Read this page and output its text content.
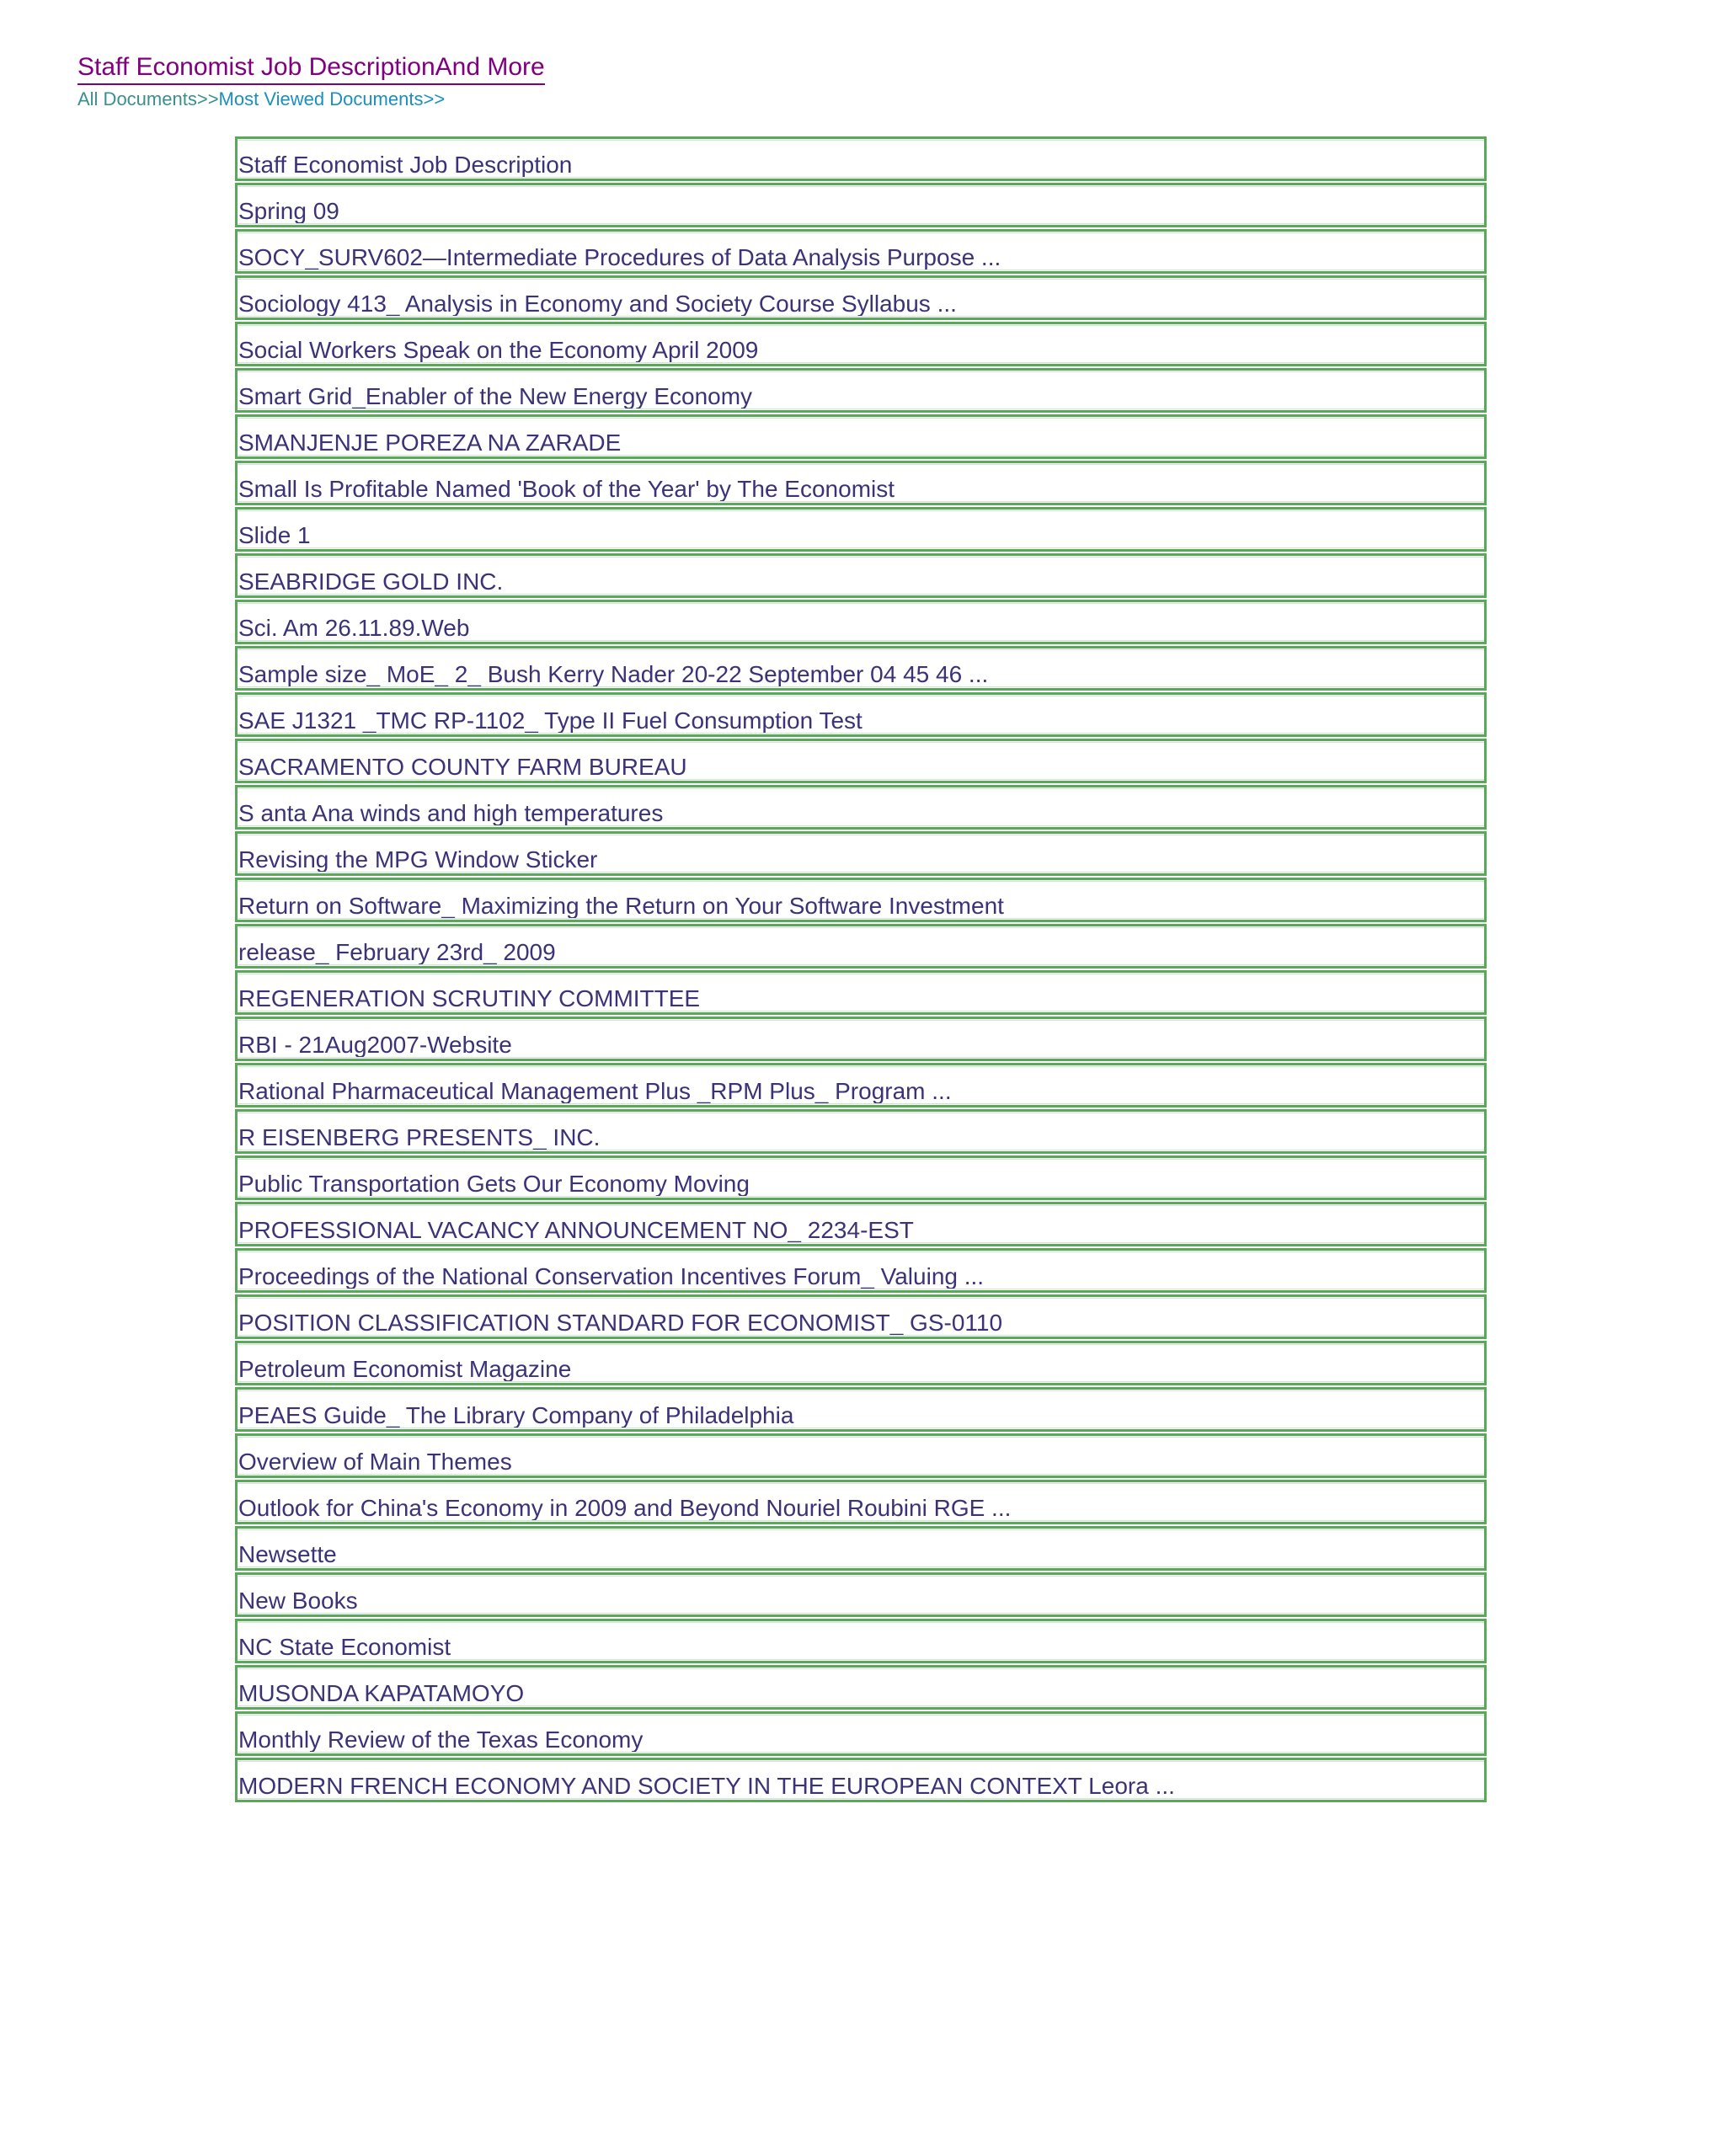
Staff Economist Job DescriptionAnd More
All Documents>>Most Viewed Documents>>
Staff Economist Job Description
Spring 09
SOCY_SURV602—Intermediate Procedures of Data Analysis Purpose ...
Sociology 413_ Analysis in Economy and Society Course Syllabus ...
Social Workers Speak on the Economy April 2009
Smart Grid_Enabler of the New Energy Economy
SMANJENJE POREZA NA ZARADE
Small Is Profitable Named 'Book of the Year' by The Economist
Slide 1
SEABRIDGE GOLD INC.
Sci. Am 26.11.89.Web
Sample size_ MoE_ 2_ Bush Kerry Nader 20-22 September 04 45 46 ...
SAE J1321 _TMC RP-1102_ Type II Fuel Consumption Test
SACRAMENTO COUNTY FARM BUREAU
S anta Ana winds and high temperatures
Revising the MPG Window Sticker
Return on Software_ Maximizing the Return on Your Software Investment
release_ February 23rd_ 2009
REGENERATION SCRUTINY COMMITTEE
RBI - 21Aug2007-Website
Rational Pharmaceutical Management Plus _RPM Plus_ Program ...
R EISENBERG PRESENTS_ INC.
Public Transportation Gets Our Economy Moving
PROFESSIONAL VACANCY ANNOUNCEMENT NO_ 2234-EST
Proceedings of the National Conservation Incentives Forum_ Valuing ...
POSITION CLASSIFICATION STANDARD FOR ECONOMIST_ GS-0110
Petroleum Economist Magazine
PEAES Guide_ The Library Company of Philadelphia
Overview of Main Themes
Outlook for China's Economy in 2009 and Beyond Nouriel Roubini RGE ...
Newsette
New Books
NC State Economist
MUSONDA KAPATAMOYO
Monthly Review of the Texas Economy
MODERN FRENCH ECONOMY AND SOCIETY IN THE EUROPEAN CONTEXT Leora ...
